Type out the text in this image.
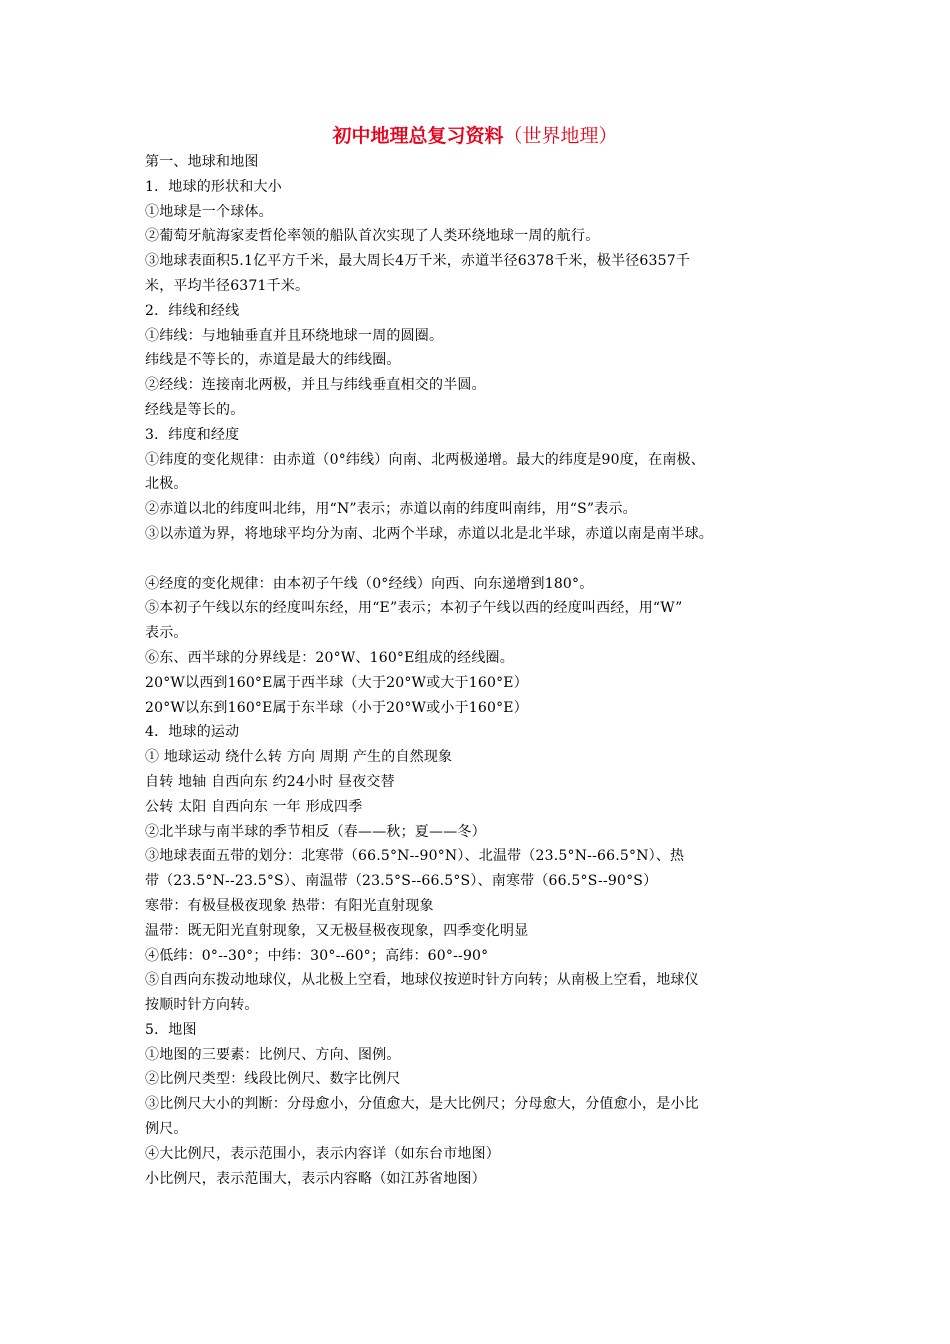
初中地理总复习资料（世界地理）
第一、地球和地图
1．地球的形状和大小
①地球是一个球体。
②葡萄牙航海家麦哲伦率领的船队首次实现了人类环绕地球一周的航行。
③地球表面积5.1亿平方千米，最大周长4万千米，赤道半径6378千米，极半径6357千
米，平均半径6371千米。
2．纬线和经线
①纬线：与地轴垂直并且环绕地球一周的圆圈。
纬线是不等长的，赤道是最大的纬线圈。
②经线：连接南北两极，并且与纬线垂直相交的半圆。
经线是等长的。
3．纬度和经度
①纬度的变化规律：由赤道（0°纬线）向南、北两极递增。最大的纬度是90度，在南极、
北极。
②赤道以北的纬度叫北纬，用“N”表示；赤道以南的纬度叫南纬，用“S”表示。
③以赤道为界，将地球平均分为南、北两个半球，赤道以北是北半球，赤道以南是南半球。
④经度的变化规律：由本初子午线（0°经线）向西、向东递增到180°。
⑤本初子午线以东的经度叫东经，用“E”表示；本初子午线以西的经度叫西经，用“W”
表示。
⑥东、西半球的分界线是：20°W、160°E组成的经线圈。
20°W以西到160°E属于西半球（大于20°W或大于160°E）
20°W以东到160°E属于东半球（小于20°W或小于160°E）
4．地球的运动
① 地球运动 绕什么转 方向 周期 产生的自然现象
自转 地轴 自西向东 约24小时 昼夜交替
公转 太阳 自西向东 一年 形成四季
②北半球与南半球的季节相反（春——秋；夏——冬）
③地球表面五带的划分：北寒带（66.5°N--90°N）、北温带（23.5°N--66.5°N）、热
带（23.5°N--23.5°S）、南温带（23.5°S--66.5°S）、南寒带（66.5°S--90°S）
寒带：有极昼极夜现象 热带：有阳光直射现象
温带：既无阳光直射现象，又无极昼极夜现象，四季变化明显
④低纬：0°--30°；中纬：30°--60°；高纬：60°--90°
⑤自西向东拨动地球仪，从北极上空看，地球仪按逆时针方向转；从南极上空看，地球仪
按顺时针方向转。
5．地图
①地图的三要素：比例尺、方向、图例。
②比例尺类型：线段比例尺、数字比例尺
③比例尺大小的判断：分母愈小，分值愈大，是大比例尺；分母愈大，分值愈小，是小比
例尺。
④大比例尺，表示范围小，表示内容详（如东台市地图）
小比例尺，表示范围大，表示内容略（如江苏省地图）
